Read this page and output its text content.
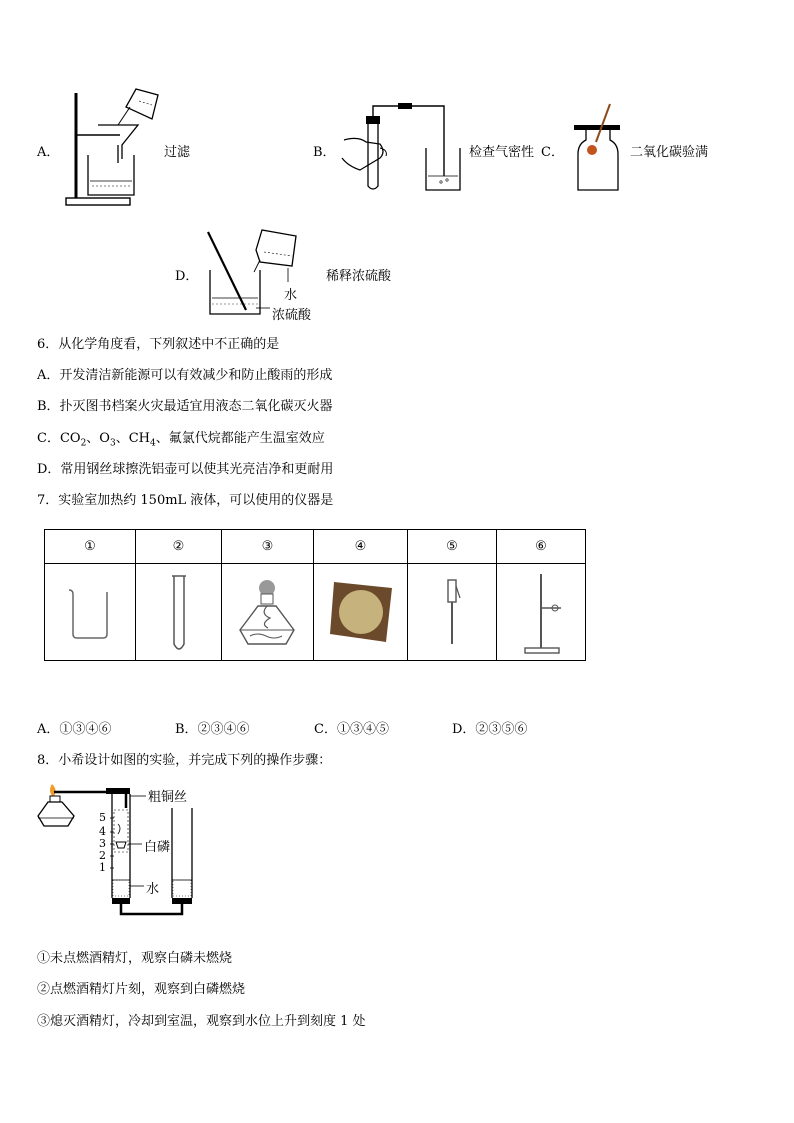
A．	过滤	B．	检查气密性 C．	二氧化碳验满
D．
水
浓硫酸
稀释浓硫酸
6．从化学角度看，下列叙述中不正确的是
A．开发清洁新能源可以有效减少和防止酸雨的形成
B．扑灭图书档案火灾最适宜用液态二氧化碳灭火器
C．$CO_2$、$O_3$、$CH_4$、氟氯代烷都能产生温室效应
D．常用钢丝球擦洗铝壶可以使其光亮洁净和更耐用
7．实验室加热约 150mL 液体，可以使用的仪器是
①	②	③	④	⑤	⑥

A．①③④⑥	B．②③④⑥	C．①③④⑤	D．②③⑤⑥
8．小希设计如图的实验，并完成下列的操作步骤：
粗铜丝
白磷
水
5
4
3
2
1
①未点燃酒精灯，观察白磷未燃烧
②点燃酒精灯片刻，观察到白磷燃烧
③熄灭酒精灯，冷却到室温，观察到水位上升到刻度 1 处
